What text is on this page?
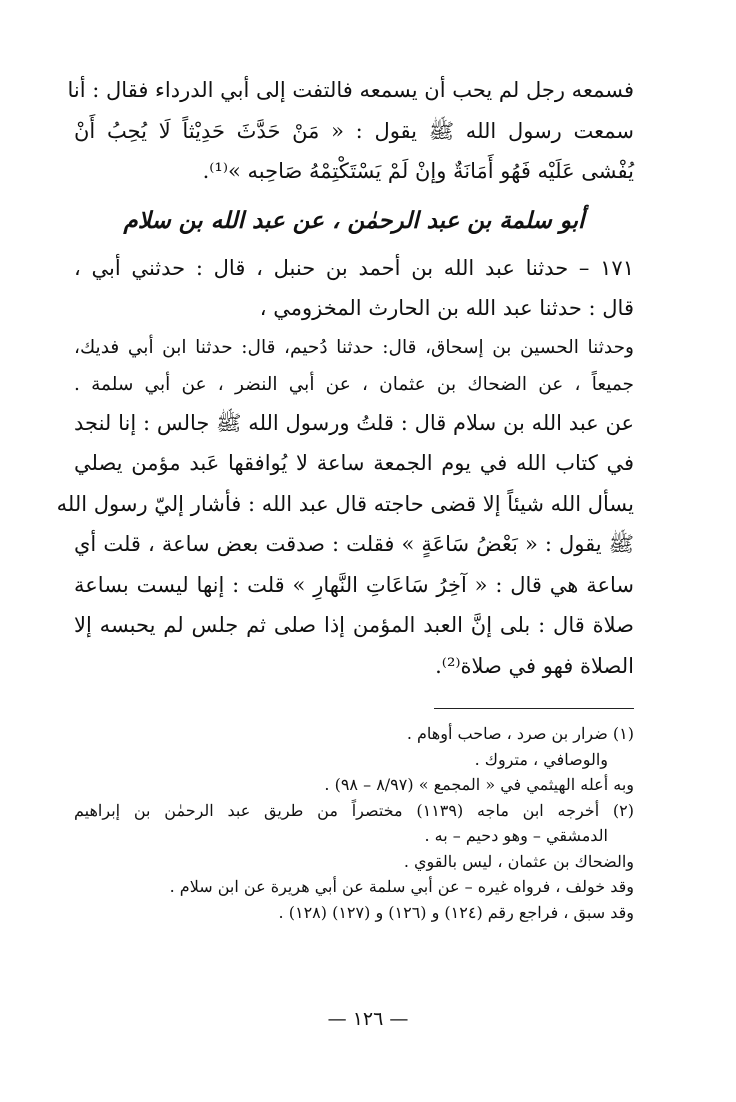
فسمعه رجل لم يحب أن يسمعه فالتفت إلى أبي الدرداء فقال : أنا
سمعت رسول الله ﷺ يقول : « مَنْ حَدَّثَ حَدِيْثاً لَا يُحِبُ أَنْ
يُفْشى عَلَيْه فَهُو أَمَانَةٌ وإنْ لَمْ يَسْتَكْتِمْهُ صَاحِبه »⁽¹⁾.
أبو سلمة بن عبد الرحمٰن ، عن عبد الله بن سلام
١٧١ – حدثنا عبد الله بن أحمد بن حنبل ، قال : حدثني أبي ،
قال : حدثنا عبد الله بن الحارث المخزومي ،
وحدثنا الحسين بن إسحاق، قال: حدثنا دُحيم، قال: حدثنا ابن أبي فديك،
جميعاً ، عن الضحاك بن عثمان ، عن أبي النضر ، عن أبي سلمة .
عن عبد الله بن سلام قال : قلتُ ورسول الله ﷺ جالس : إنا لنجد
في كتاب الله في يوم الجمعة ساعة لا يُوافقها عَبد مؤمن يصلي
يسأل الله شيئاً إلا قضى حاجته قال عبد الله : فأشار إليّ رسول الله
ﷺ يقول : « بَعْضُ سَاعَةٍ » فقلت : صدقت بعض ساعة ، قلت أي
ساعة هي قال : « آخِرُ سَاعَاتِ النَّهارِ » قلت : إنها ليست بساعة
صلاة قال : بلى إنَّ العبد المؤمن إذا صلى ثم جلس لم يحبسه إلا
الصلاة فهو في صلاة⁽²⁾.
(١) ضرار بن صرد ، صاحب أوهام .
والوصافي ، متروك .
وبه أعله الهيثمي في « المجمع » (٨/٩٧ – ٩٨) .
(٢) أخرجه ابن ماجه (١١٣٩) مختصراً من طريق عبد الرحمٰن بن إبراهيم
الدمشقي – وهو دحيم – به .
والضحاك بن عثمان ، ليس بالقوي .
وقد خولف ، فرواه غيره – عن أبي سلمة عن أبي هريرة عن ابن سلام .
وقد سبق ، فراجع رقم (١٢٤) و (١٢٦) و (١٢٧) (١٢٨) .
— ١٢٦ —
